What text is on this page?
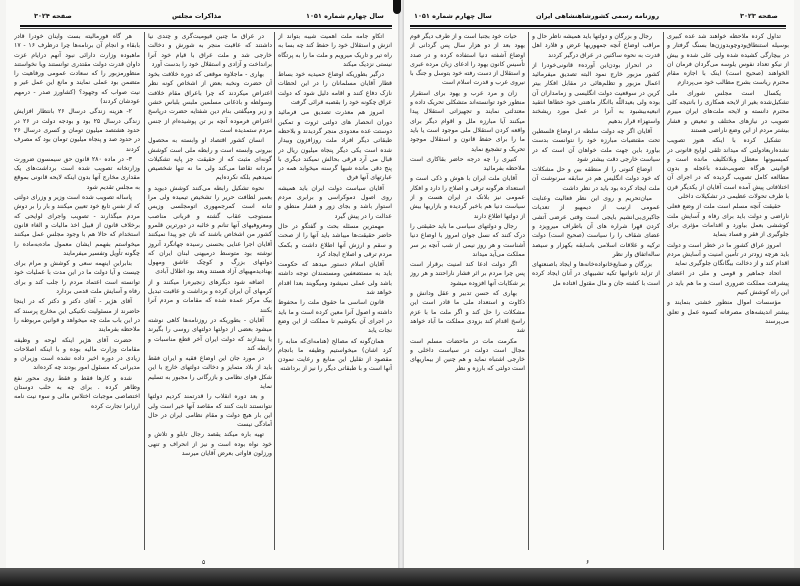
صفحه ۳۰۲۴	مذاکرات مجلس	سال چهارم شماره ۱۰۵۱

هر گاه فورمالیته بست واینان خودرا قادر بابقاء و انجام آن برنامه‌ها چرا درظرف ۱۶ - ۱۷ ماهبوده وزارت دارائی نبود آنهم درایام عزت داوان قدرت دولت مقتدری توانستند ویا نخواستند منظورمزبور را که سعادت عمومی ورفاهیت را متضمن بود عملی نمایند و مانع این عمل غیر و نیت صواب که وجهود؟ (کشاورز صدر - درمهم عودشان کردند)

۲- هزینه زندگی درسال ۲۶ بانتظار افزایش زندگی درسال ۲۵ بود و بودجه دولت در ۲۶ در حدود هشتصد میلیون تومان و کسری درسال ۲۶ در حدود صد و پنجاه میلیون تومان بود که مصرف کردند

۳- در ماده ۲۸۰ قانون حق سیمسون ضرورت وزارتخانه تصویب شده است برداشت‌های یک مقداری مخارج آنها بدون اینکه لایحه قانونی بموقع به مجلس تقدیم شود

پاساله تصویب شده است وزیر و وزرای دولتی که از نفس تابع خود تعیین میکنند و بار را بر دوش مردم میگذارند - تصویب واجرای لوایحی که برخلاف قانون از قبیل اخذ مالیات و الغاء قانون استخدام که حالا هم با وجود مجلس عمل میکنند میخواستم بفهمم ایشان معمول ماده‌به‌ماده را چگونه تأویل وتفسیر میفرمایند

بنابراین اینهمه سعی و کوشش و مرام برای چیست و آیا دولت ما در این مدت با عملیات خود توانسته است اعتماد مردم را جلب کند و برای رفاه و آسایش ملت قدمی بردارد

آقای هژیر - آقای دکتر و دکتر که در اینجا حاضرند از مسئولیت تکنیکی این مخارج پرسند که در این باب ملت چه میخواهد و قوانین مربوطه را ملاحظه بفرمایند

حضرت آقای هژیر اینکه لوحه و وظیفه مقامات وزارت مالیه بوده و با اینکه اصلاحات زیادی در دوره اخیر داده نشده است وزیران و مدیرانی که مسئول امور بودند چه کرده‌اند

شده و کارها فقط و فقط روی محور نفع وظاهر کرده . برای چه به حلب دوستان اختصاصی موجبات اختلاس مالی و سوء نیت نامه ارزانرا تجارت کرده

در عراق ما چنین قیومیت‌گری و چندی نیا داشتند که عاقبت منجر به شورش و دخالت خارجی شد و ملت عراق با قیام خود آنرا برانداخت و آزادی و استقلال خود را بدست آورد

بهاری - ماجلاوه موقعی که دوره خلافت بخود آن حضرت ونخبه بعض از اشخاص کونه نظر اعتراض میکردند که چرا باعراق مقام خلافت وسولطه و باذغانی مسلمین ملبس بلباس خشن و زبر ومیگفتی بنام دین شفتایه حضرت درپاسخ اعتراض فرموده آنچه بر تن پوشیده‌ام از جنس مردم ستمدیده است

انسان کشور اقتصاد او وابسته به محصول بیرونی وابسته است و رابطه ملی است کوشش گونه‌ای مثبت که از حقیقت جز پایه تشکیلات مردانه تقاضا می‌کند ولی ما نه تنها شخصیص نمیدهیم بلکه نکرده‌ایم

نحوه تشکیل رابطه می‌کنند کوشش دیوید و بعمیر لطافت حریر را تشخیص تیمیده ولی مرا تنانه است کمرجمهوری اتومجلسی وزیس مستوجب عقاب گشته و قربانی مناصب ومعروفیهای آنها تنانم و خائبه در دورترین قلمرو کشور من اشخاص باشند که نان جو پیدا نمیکنند آقایان اجرا عنایی بحسنی رسیده جهانگرد آنروز نوشته بود متوسط درمیهنی لبنان ایران که دولتهای بزرگ و کوچک عاشق ومهول بهنادیدمهیهای آزاد هستند وبعد بود اطلال آبادی

اضافه شود دیگرهای زنجیره‌را میکنند و از کرمهای آن ایران کرده و برداشت و عاقبت تبدیل بیک مرکز عمده شده که مقامات و مردم آنرا بکنند

آقایان - بطوریکه در روزنامه‌ها کاهی نوشته میشود بعضی از دولتها دولتهای روسی را بگیرند یا بیندازند که دولت ایران آخر قطع مناسبات و رابطه کند

در مورد جان این اوضاع فقیه و ایران فقط باید از بلاد متمایز و دخالت دولتهای خارج با این شکل قوای نظامی و بازرگانی را مجبور به تسلیم نماید

و بعد دوره انقلاب را قدرتمند کردیم دولتها نتوانستند ثابت کنند که مقاصد آنها خیر است ولی این بار هیچ دولت و مقام نظامی ایران در حال آمادگی نیست

تهیه باره میکند یقصد رجال تابلو و تلاش و خود نواه بوده است و نیز از انحراف و تنهی ورزلون فاواتی بعرض آقایان میرسد

اتکاو جامه ملت اهمیت شیبه بتواند از انزش و استقلال خود را حفظ کند چه بسا به راه تیر و تاریک میرویم و ملت ما را به پرتگاه نیستی نزدیک میکند

درگیر بطوریکه اوضاع حمیدیه خود بساط قطار آقایان مسلمانان را در این لحظات نازک دفاع کنند و اقامه دلیل شود که دولت عراق چکونه خود را بقصبه قرائی گرفت

امروز هم معذرت تصدیق می فرمائید دوران انحصار های دولتی ثروت و تمکین دوستت عده معدودی منجر گردیدند و بلاحظه طبقاتی دیگر افراد ملت روزافزون وبیدار شده است یکی دیگر پنجاه میلیون ریال در قبال می آرد فرقی بحالش نمیکند دیگری با پنج دقی مانده شیها گرسنه میخوابد همه در عبارتهای آنها فرق

آقایان سیاست دولت ایران باید همیشه روی اصول دموکراسی و برابری مردم استوار باشد و بجای زور و فشار منطق و عدالت را در پیش گیرد

مهمترین مسئله بحث و گفتگو در حال حاضر حقیقت‌ها میباشد باید آنها را از صحت و سقم و ارزش آنها اطلاع داشت و بکمک مردم ترقی و اصلاح ایجاد کرد

آقایان اسلام دستور میدهد که حکومت باید به مستضعفین ومستمندان توجه داشته باشد ولی عملی نمیشود ومیگویند بعدا اقدام خواهد شد

قانون اساسی ما حقوق ملت را محفوظ داشته و اصول آنرا معین کرده است و ما باید در اجرای آن بکوشیم تا مملکت از این وضع نجات یابد

همان‌گونه که مصالح (هنامه‌ای‌که منابه را کرد اشان) میخواستیم وظیفه ما بانجام مقصود از تقلیل این منابع و رعایت نمودن آنها است و با طبقاتی دیگر را نیز از برداشته

۵
سال چهارم شماره ۱۰۵۱	روزنامه رسمی کشورشاهنشاهی ایران	صفحه ۳۰۲۳

حیات خود بجنبا است و از طرف دیگر قوم یهود بعد از دو هزار سال پس گردانی از اوضاع آشفته دنیا استفاده کرده و در صدد تأسیس کانون یهود را ادعای زبان مرده عبری و استقلال از دست رفته خود بتوسل و جنگ با نیروی عرب و قدرت اسلام است

زان و مرد عرب و یهود برای استقرار منظور خود توانسته‌اند متشکلی تحریک داده و معتدلتی نمایند و تجهیزاتی استقلال پیدا میکنند آیا مبارزه ملل و اقوام دیگر برای واقعه کردن استقلال ملی موجود است یا باید ما را برای حفظ قانون و استقلال موجود تحریک و تشجیع نماید

کنیری را چه درجه حاضر بقاکاری است ملاحظه بفرمائید

آقایان ملت ایران با هوش و ذکی است و استعداد هرگونه ترقی و اصلاح را دارد و افکار عمومی نیز بلانک در ایران هست و از سیاست دنیا هم باخبر گردیده و بازاریها بیش از دولتها اطلاع دارند

رجال و دولتهای سیاسی ما باید حقیقتی را درک کنند که نسل جوان امروز با اوضاع دنیا آشناست و هر روز نیمی از شب آنچه بر سر مملکت می‌آید میداند

اگر دولت ادعا کند امنیت برقرار است پس چرا مردم بر اثر فشار ناراحتند و هر روز بر شکایات آنها افزوده میشود

بهاری که حسن تدبیر و عقل ودانش و ذکاوت و استعداد ملی ما قادر است این مشکلات را حل کند و اگر ملت ما با عزم راسخ اقدام کند بزودی مملکت ما آباد خواهد شد

مکرمت مات در ماحضات مسلم است مجال است دولت در سیاست داخلی و خارجی اشتباه نماید و هم چنین از بیماریهای است دولتی که بارزه و نظر

رجال و بزرگان و دولتها باید همیشه ناظر حال و مراقب اوضاع آنچه جمهوریها غرض و فلارد اهل قدرت به نحوه ساکنین در عراق درگیر کردند

در انحراز بودن‌این آوردهء قانونی‌خودرا از کشور مزبور خارج نمود البته تصدیق میفرمائید اعمال مزبور و تظلم‌هائی در مقابل افکار بیتر کرین در سوقعیت دولت انگلیسی و زمامداران آن بوده ولی بعیداللّه باانگار ماهنتی خود خطاها انتقید انبعیه‌بیشبود به آنرا در عمل مورد ریشخند واستهزاء قرار بدهیم

آقایان اگر چه دولت سلطه در اوضاع فلسطین تحت مقتضیات مبارزه خود را نتوانست بدست بیاورد باین جهت ملت خواهان آن است که در سیاست خارجی دقت بیشتر شود

اوضاع کنونی را از منطقه بین و حل مشکلات که خود دولت انگلیس هم در سابقه سرنوشت آن ملت ایجاد کرده بود باید در نظر داشت

میان‌تحریم و روی این نظر فعالیت وعنایت عمومی ارنیب از دیمهیو از تعدیات جاکیری‌بی‌انشیم بایجی است وقتی عرضی آتشی کردن قهرا شراره های آن باطراف میرویزد و عضای شقاف را را سیاست (صحیح است) دولت ترکیه و علاقات اسلامی باسابقه بکهزار و سیصد ساله‌اتفاق وار نظر

بزرگان و صنایع‌خانواده‌خانه‌ها و ایجاد باصنعتهای از تزاید ناتوانیها تکیه تشبیهای در آنان ایجاد کرده است با کشته جان و مال مقتول افتاده مل

تداول کرده ملاحظه خواهند شد عده کبیری بوسیله استنطاق‌ودوچوبدوزن‌ها بسنگ گرفتار و در بیچارگی کشیده شده ولی علی شده و بیش از نیکو تعداد نفوس یلوسه می‌گردان فرمان ان الخواهند (صحیح است) اینک با اجازه مقام محترم ریاست بشرح مطالب خود می‌پردازم

یکسال است مجلس شورای ملی تشکیل‌شده بغیر از لایحه همکاری را بانتیجه کلی محترم دانسته و لایحه ملت‌های ایران میبرم تصویب در نیازهای مختلف و تبعیض و فشار بیشتر مردم از این وضع ناراضی هستند

تشکیل کرده با اینکه هنوز تصویب نشده‌اربعا‌دولتی که میداند تلقی لوایح قانونی در کمیسیونها معطل وبلاتکلیف مانده است و قوانینی هرگاه تصویب‌شده باعجله و بدون مطالعه کامل تصویب گردیده که در اجرای آن اختلافاتی پیش آمده است آقایان از یکدیگر قرن با طرف تحولات عظیمی در تشکیلات داخلی

حقیقت آنچه مسلم است ملت از وضع فعلی ناراضی و دولت باید برای رفاه و آسایش ملت کوششی بعمل بیاورد و اقدامات مؤثری برای جلوگیری از فقر و فساد بنماید

امروز عراق کشور ما در خطر است و دولت باید هرچه زودتر در تأمین امنیت و آسایش مردم اقدام کند و از دخالت بیگانگان جلوگیری نماید

اتحاد جماهیر و قومی و ملی در اعضای پیشرفت مملکت ضروری است و ما هم باید در این راه کوشش کنیم

مؤسسات اموال منطور خشتی بنمایند و بیشتر اندیشه‌های مصرفانه کسوه عمل و تعلق می‌پرسند

۶
